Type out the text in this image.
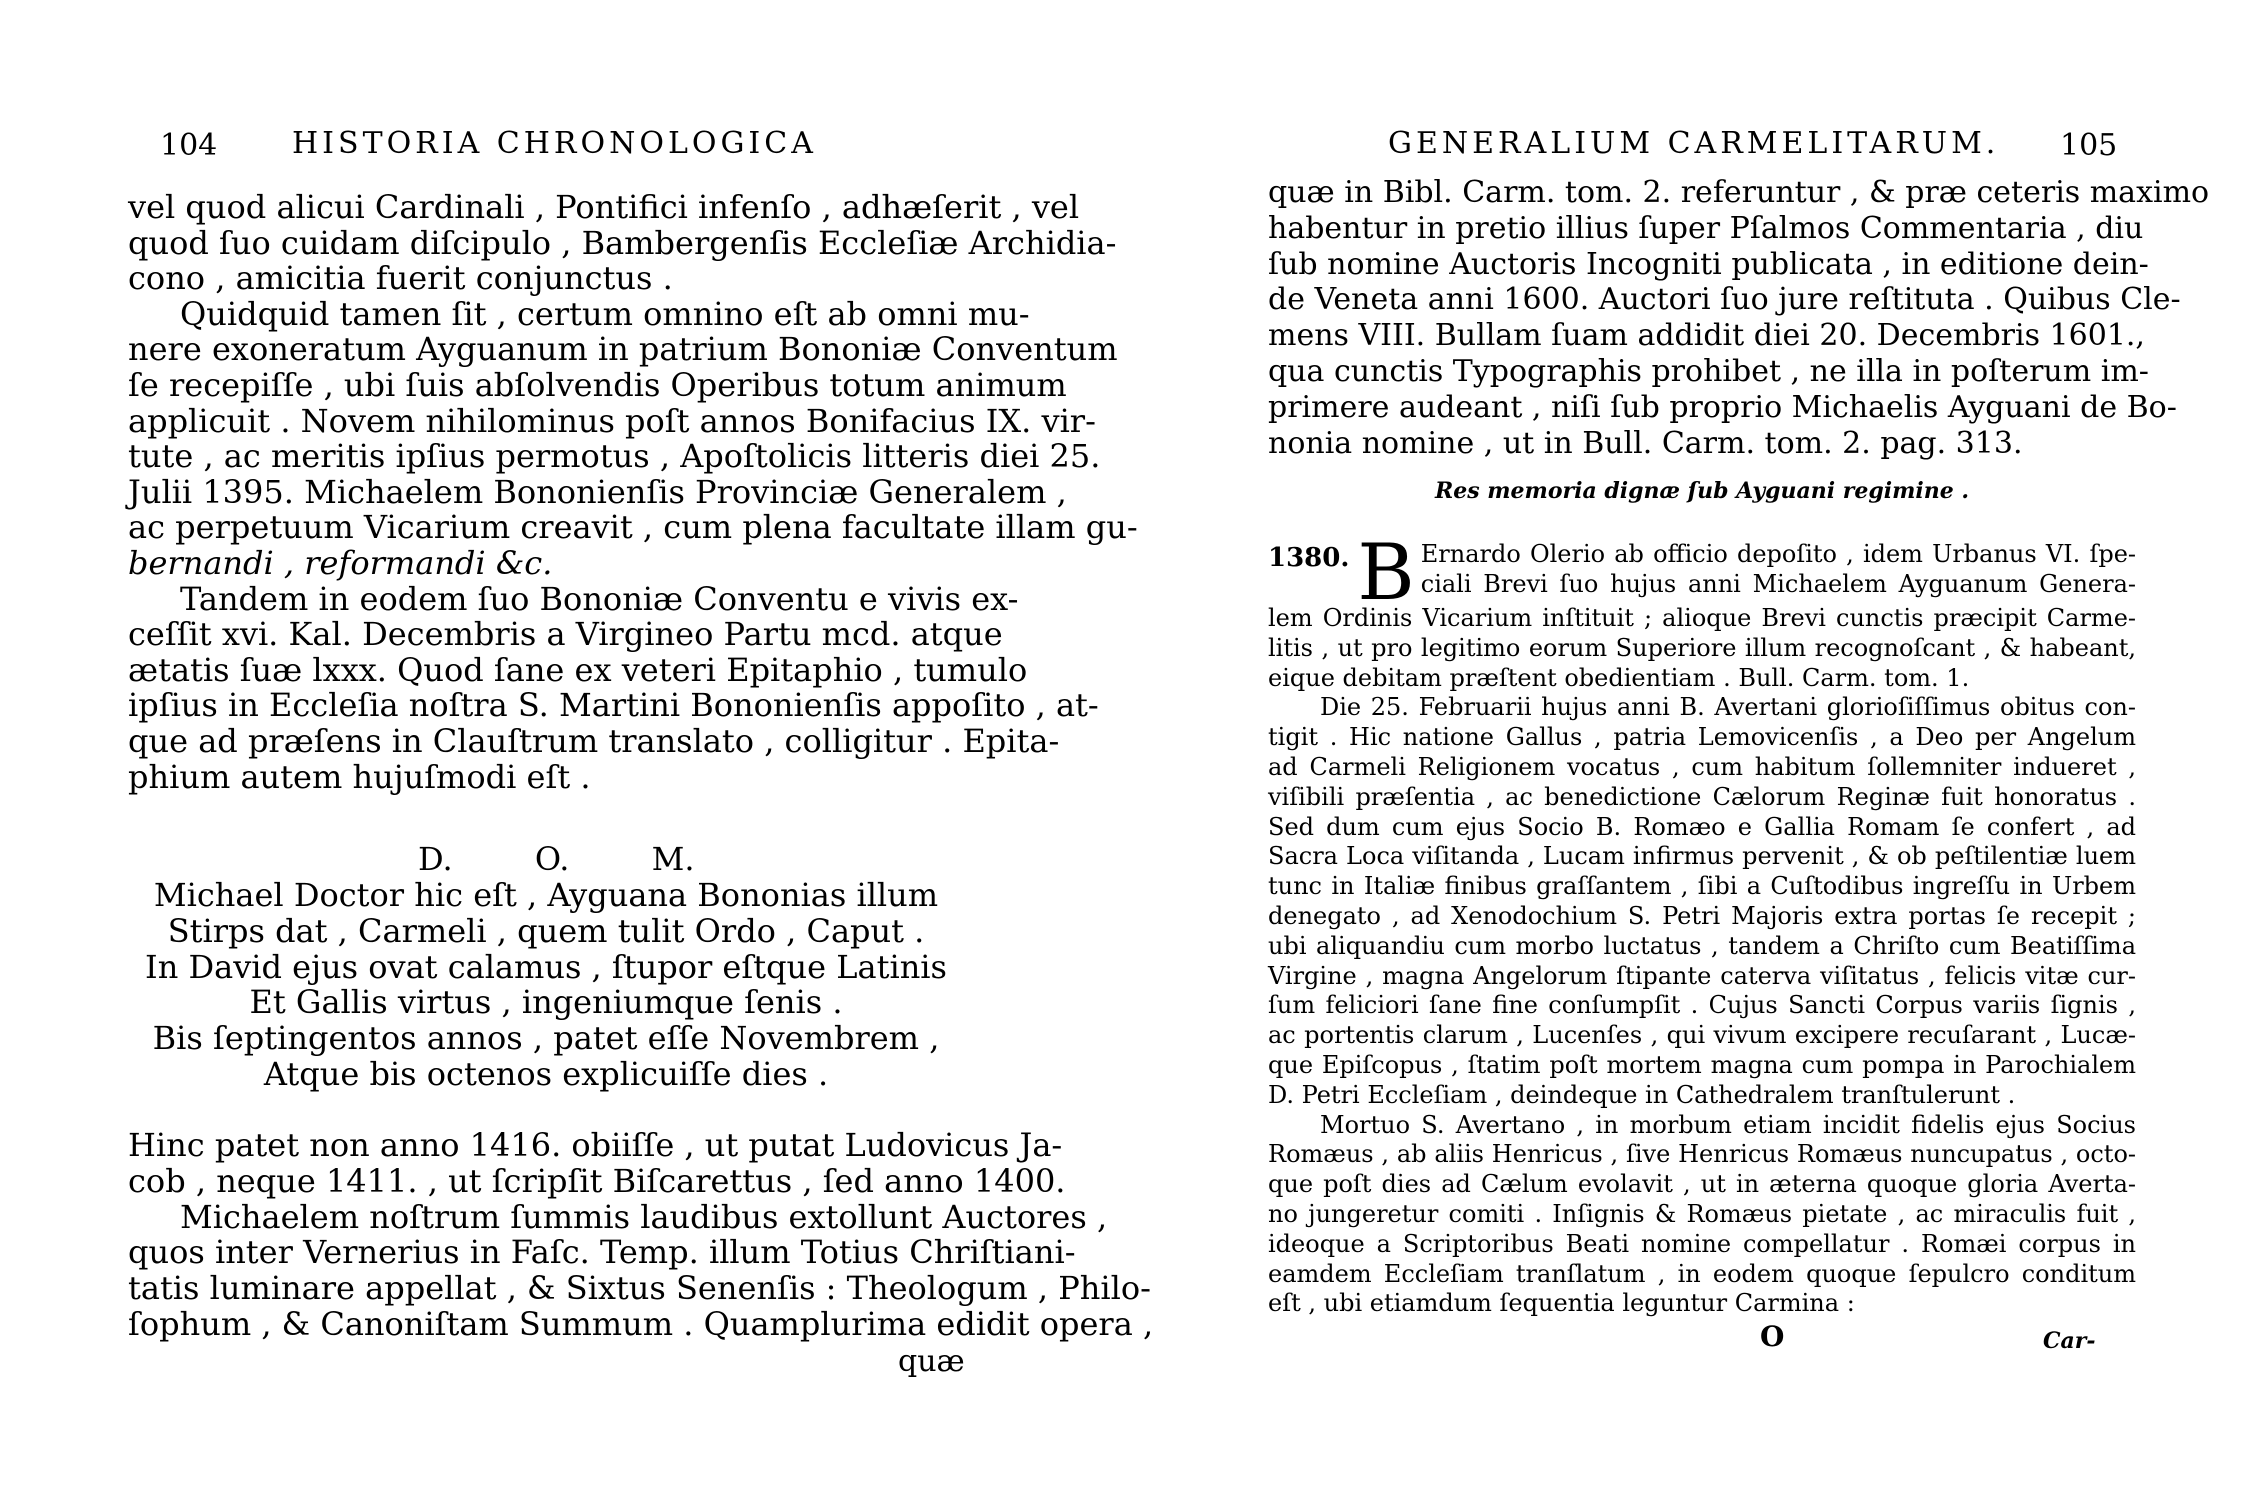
104 HISTORIA CHRONOLOGICA
vel quod alicui Cardinali , Pontifici infenſo , adhæſerit , vel
quod ſuo cuidam diſcipulo , Bambergenſis Eccleſiæ Archidia-
cono , amicitia fuerit conjunctus .
Quidquid tamen ſit , certum omnino eſt ab omni mu-
nere exoneratum Ayguanum in patrium Bononiæ Conventum
ſe recepiſſe , ubi ſuis abſolvendis Operibus totum animum
applicuit . Novem nihilominus poſt annos Bonifacius IX. vir-
tute , ac meritis ipſius permotus , Apoſtolicis litteris diei 25.
Julii 1395. Michaelem Bononienſis Provinciæ Generalem ,
ac perpetuum Vicarium creavit , cum plena facultate illam gu-
bernandi , reformandi &c.
Tandem in eodem ſuo Bononiæ Conventu e vivis ex-
ceſſit xvi. Kal. Decembris a Virgineo Partu mcd. atque
ætatis ſuæ lxxx. Quod ſane ex veteri Epitaphio , tumulo
ipſius in Eccleſia noſtra S. Martini Bononienſis appoſito , at-
que ad præſens in Clauſtrum translato , colligitur . Epita-
phium autem hujuſmodi eſt .
D.	O.	M.
Michael Doctor hic eſt , Ayguana Bononias illum
Stirps dat , Carmeli , quem tulit Ordo , Caput .
In David ejus ovat calamus , ſtupor eſtque Latinis
Et Gallis virtus , ingeniumque ſenis .
Bis ſeptingentos annos , patet eſſe Novembrem ,
Atque bis octenos explicuiſſe dies .
Hinc patet non anno 1416. obiiſſe , ut putat Ludovicus Ja-
cob , neque 1411. , ut ſcripſit Biſcarettus , ſed anno 1400.
Michaelem noſtrum ſummis laudibus extollunt Auctores ,
quos inter Vernerius in Faſc. Temp. illum Totius Chriſtiani-
tatis luminare appellat , & Sixtus Senenſis : Theologum , Philo-
ſophum , & Canoniſtam Summum . Quamplurima edidit opera ,
quæ
GENERALIUM CARMELITARUM. 105
quæ in Bibl. Carm. tom. 2. referuntur , & præ ceteris maximo
habentur in pretio illius ſuper Pſalmos Commentaria , diu
ſub nomine Auctoris Incogniti publicata , in editione dein-
de Veneta anni 1600. Auctori ſuo jure reſtituta . Quibus Cle-
mens VIII. Bullam ſuam addidit diei 20. Decembris 1601.,
qua cunctis Typographis prohibet , ne illa in poſterum im-
primere audeant , niſi ſub proprio Michaelis Ayguani de Bo-
nonia nomine , ut in Bull. Carm. tom. 2. pag. 313.
Res memoria dignæ ſub Ayguani regimine .
1380. B Ernardo Olerio ab officio depoſito , idem Urbanus VI. ſpe-
ciali Brevi ſuo hujus anni Michaelem Ayguanum Genera-
lem Ordinis Vicarium inſtituit ; alioque Brevi cunctis præcipit Carme-
litis , ut pro legitimo eorum Superiore illum recognoſcant , & habeant,
eique debitam præſtent obedientiam . Bull. Carm. tom. 1.
Die 25. Februarii hujus anni B. Avertani glorioſiſſimus obitus con-
tigit . Hic natione Gallus , patria Lemovicenſis , a Deo per Angelum
ad Carmeli Religionem vocatus , cum habitum ſollemniter indueret ,
viſibili præſentia , ac benedictione Cælorum Reginæ fuit honoratus .
Sed dum cum ejus Socio B. Romæo e Gallia Romam ſe confert , ad
Sacra Loca viſitanda , Lucam infirmus pervenit , & ob peſtilentiæ luem
tunc in Italiæ finibus graſſantem , ſibi a Cuſtodibus ingreſſu in Urbem
denegato , ad Xenodochium S. Petri Majoris extra portas ſe recepit ;
ubi aliquandiu cum morbo luctatus , tandem a Chriſto cum Beatiſſima
Virgine , magna Angelorum ſtipante caterva viſitatus , felicis vitæ cur-
ſum feliciori ſane fine conſumpſit . Cujus Sancti Corpus variis ſignis ,
ac portentis clarum , Lucenſes , qui vivum excipere recuſarant , Lucæ-
que Epiſcopus , ſtatim poſt mortem magna cum pompa in Parochialem
D. Petri Eccleſiam , deindeque in Cathedralem tranſtulerunt .
Mortuo S. Avertano , in morbum etiam incidit fidelis ejus Socius
Romæus , ab aliis Henricus , ſive Henricus Romæus nuncupatus , octo-
que poſt dies ad Cælum evolavit , ut in æterna quoque gloria Averta-
no jungeretur comiti . Inſignis & Romæus pietate , ac miraculis fuit ,
ideoque a Scriptoribus Beati nomine compellatur . Romæi corpus in
eamdem Eccleſiam tranſlatum , in eodem quoque ſepulcro conditum
eſt , ubi etiamdum ſequentia leguntur Carmina :
O	Car-
